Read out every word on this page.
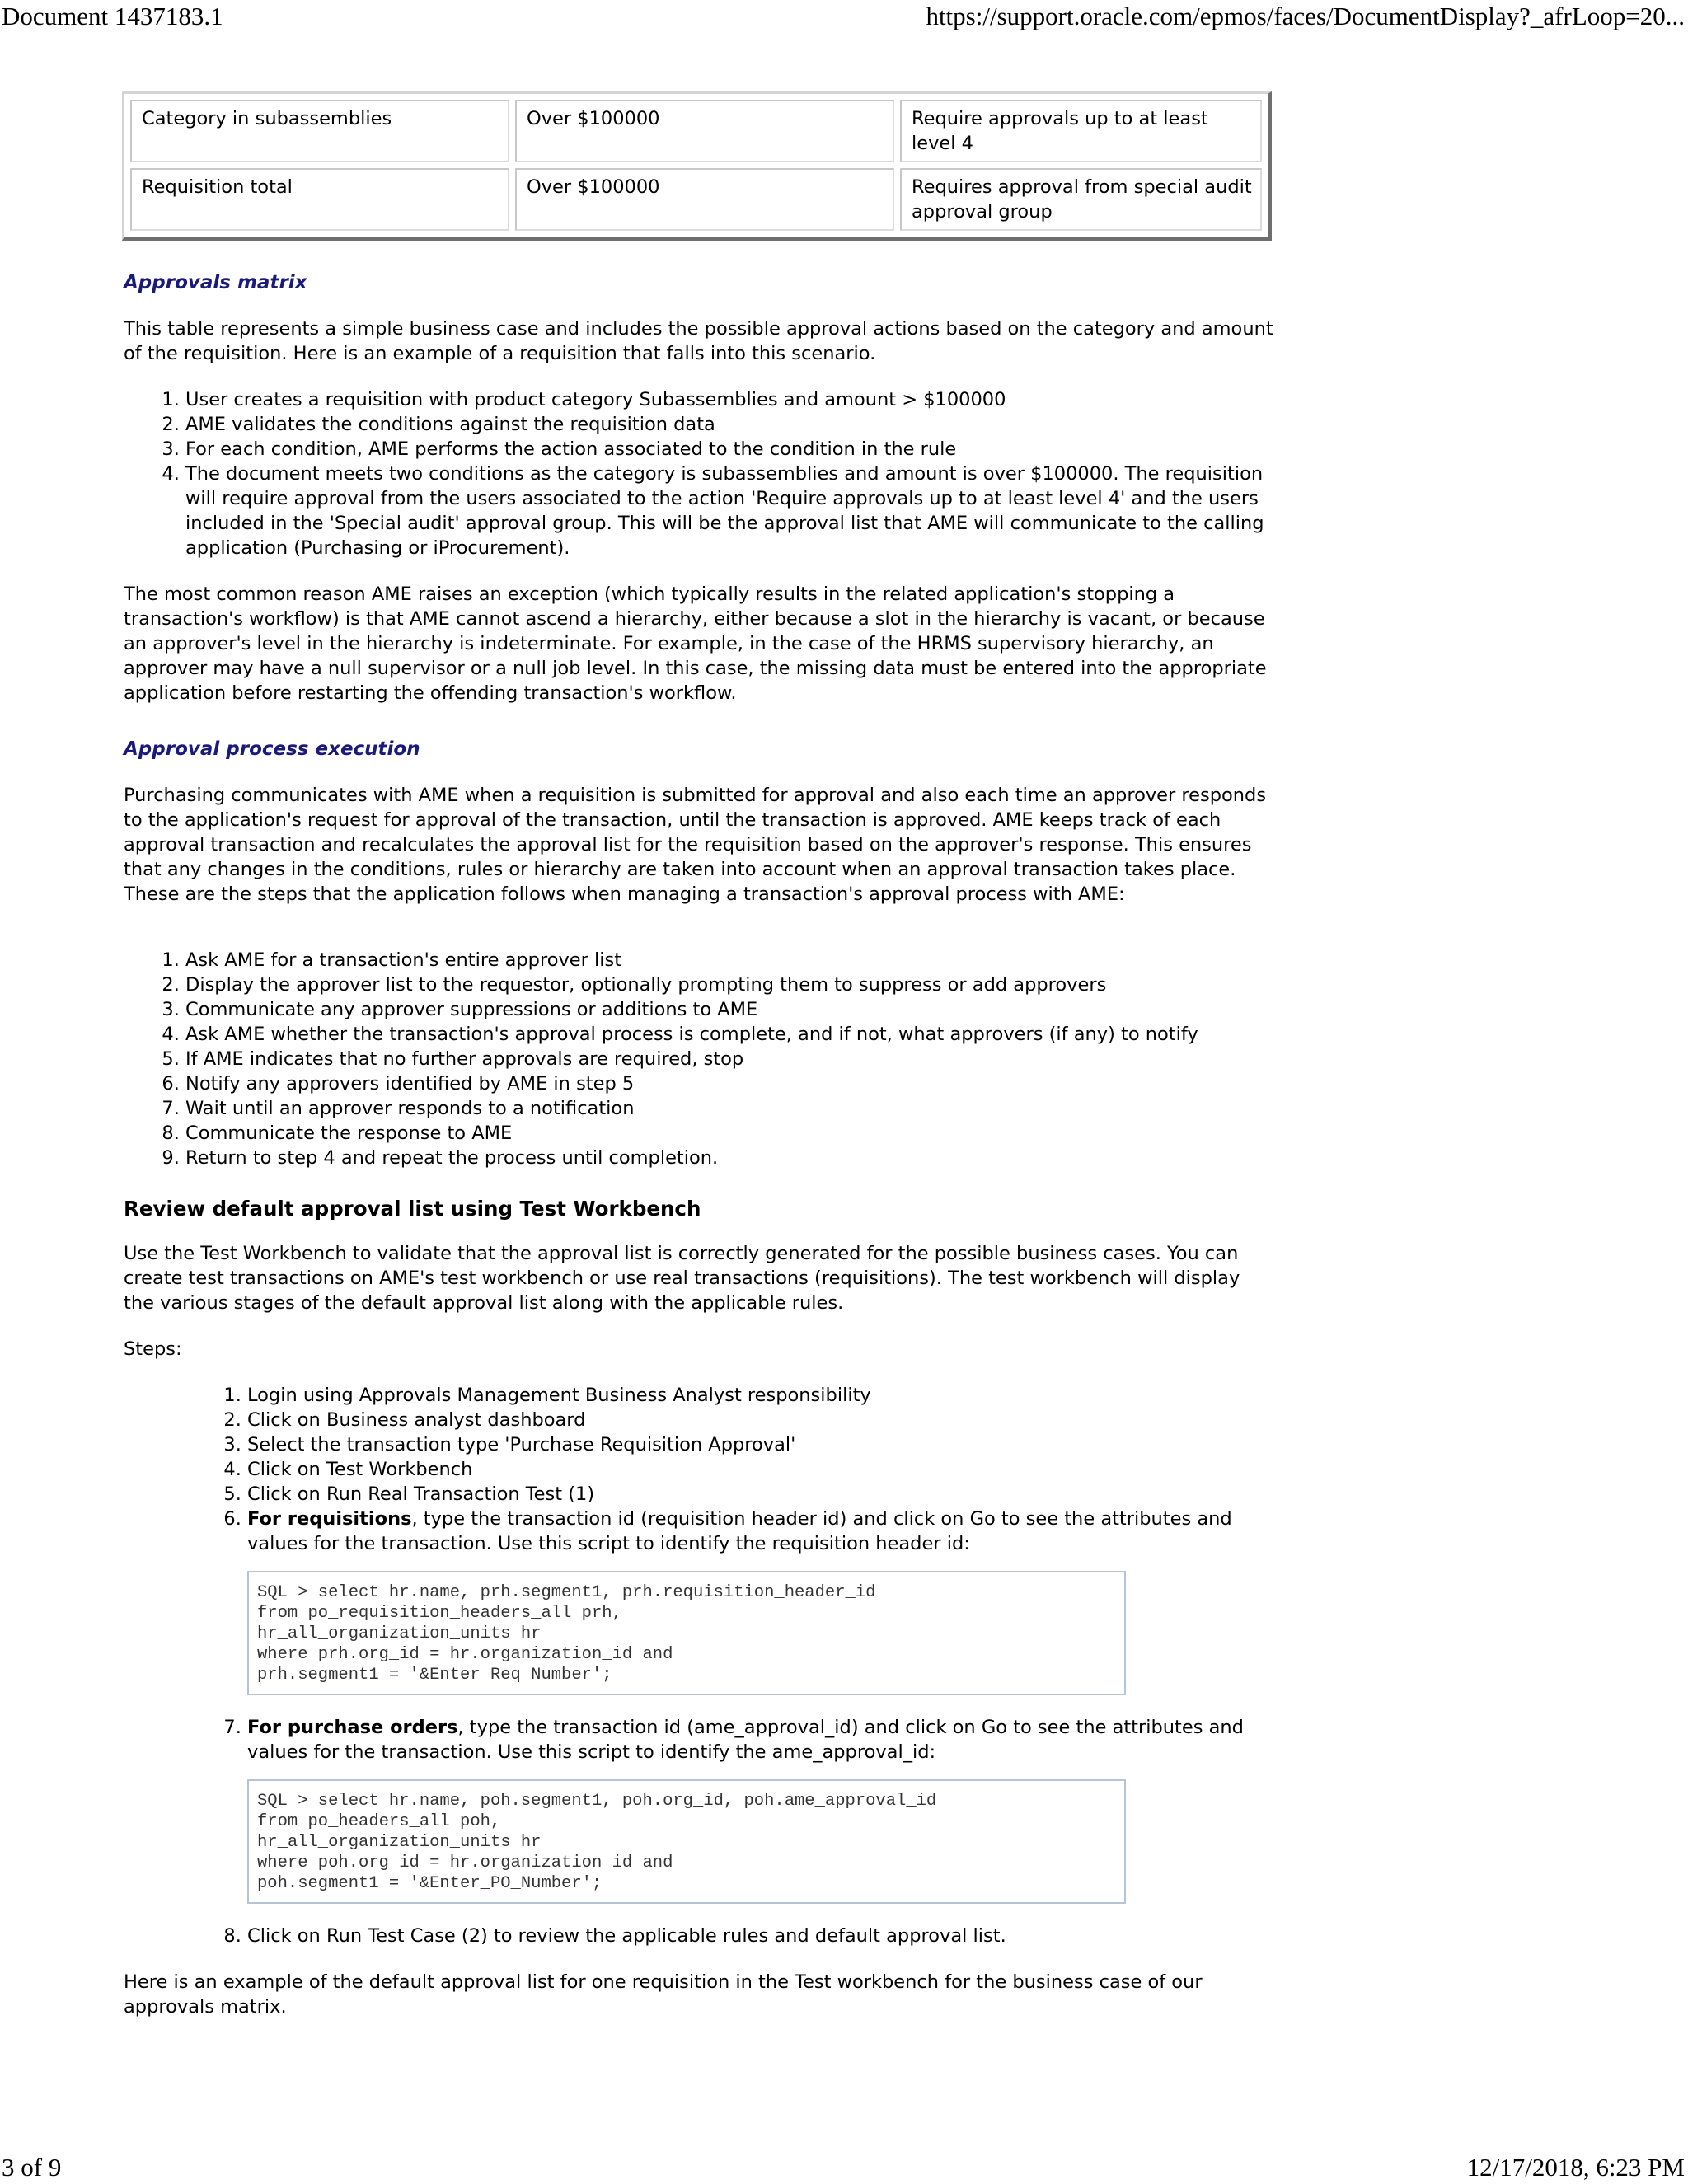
Document 1437183.1	https://support.oracle.com/epmos/faces/DocumentDisplay?_afrLoop=20...
Category in subassemblies	Over $100000	Require approvals up to at least level 4
Requisition total	Over $100000	Requires approval from special audit approval group
Approvals matrix

This table represents a simple business case and includes the possible approval actions based on the category and amount of the requisition. Here is an example of a requisition that falls into this scenario.

1. User creates a requisition with product category Subassemblies and amount > $100000
2. AME validates the conditions against the requisition data
3. For each condition, AME performs the action associated to the condition in the rule
4. The document meets two conditions as the category is subassemblies and amount is over $100000. The requisition will require approval from the users associated to the action 'Require approvals up to at least level 4' and the users included in the 'Special audit' approval group. This will be the approval list that AME will communicate to the calling application (Purchasing or iProcurement).

The most common reason AME raises an exception (which typically results in the related application's stopping a transaction's workflow) is that AME cannot ascend a hierarchy, either because a slot in the hierarchy is vacant, or because an approver's level in the hierarchy is indeterminate. For example, in the case of the HRMS supervisory hierarchy, an approver may have a null supervisor or a null job level. In this case, the missing data must be entered into the appropriate application before restarting the offending transaction's workflow.

Approval process execution

Purchasing communicates with AME when a requisition is submitted for approval and also each time an approver responds to the application's request for approval of the transaction, until the transaction is approved. AME keeps track of each approval transaction and recalculates the approval list for the requisition based on the approver's response. This ensures that any changes in the conditions, rules or hierarchy are taken into account when an approval transaction takes place. These are the steps that the application follows when managing a transaction's approval process with AME:

1. Ask AME for a transaction's entire approver list
2. Display the approver list to the requestor, optionally prompting them to suppress or add approvers
3. Communicate any approver suppressions or additions to AME
4. Ask AME whether the transaction's approval process is complete, and if not, what approvers (if any) to notify
5. If AME indicates that no further approvals are required, stop
6. Notify any approvers identified by AME in step 5
7. Wait until an approver responds to a notification
8. Communicate the response to AME
9. Return to step 4 and repeat the process until completion.
Review default approval list using Test Workbench

Use the Test Workbench to validate that the approval list is correctly generated for the possible business cases. You can create test transactions on AME's test workbench or use real transactions (requisitions). The test workbench will display the various stages of the default approval list along with the applicable rules.

Steps:

1. Login using Approvals Management Business Analyst responsibility
2. Click on Business analyst dashboard
3. Select the transaction type 'Purchase Requisition Approval'
4. Click on Test Workbench
5. Click on Run Real Transaction Test (1)
6. For requisitions, type the transaction id (requisition header id) and click on Go to see the attributes and values for the transaction. Use this script to identify the requisition header id:
SQL > select hr.name, prh.segment1, prh.requisition_header_id
from po_requisition_headers_all prh,
hr_all_organization_units hr
where prh.org_id = hr.organization_id and
prh.segment1 = '&Enter_Req_Number';
7. For purchase orders, type the transaction id (ame_approval_id) and click on Go to see the attributes and values for the transaction. Use this script to identify the ame_approval_id:
SQL > select hr.name, poh.segment1, poh.org_id, poh.ame_approval_id
from po_headers_all poh,
hr_all_organization_units hr
where poh.org_id = hr.organization_id and
poh.segment1 = '&Enter_PO_Number';
8. Click on Run Test Case (2) to review the applicable rules and default approval list.

Here is an example of the default approval list for one requisition in the Test workbench for the business case of our approvals matrix.

3 of 9	12/17/2018, 6:23 PM
